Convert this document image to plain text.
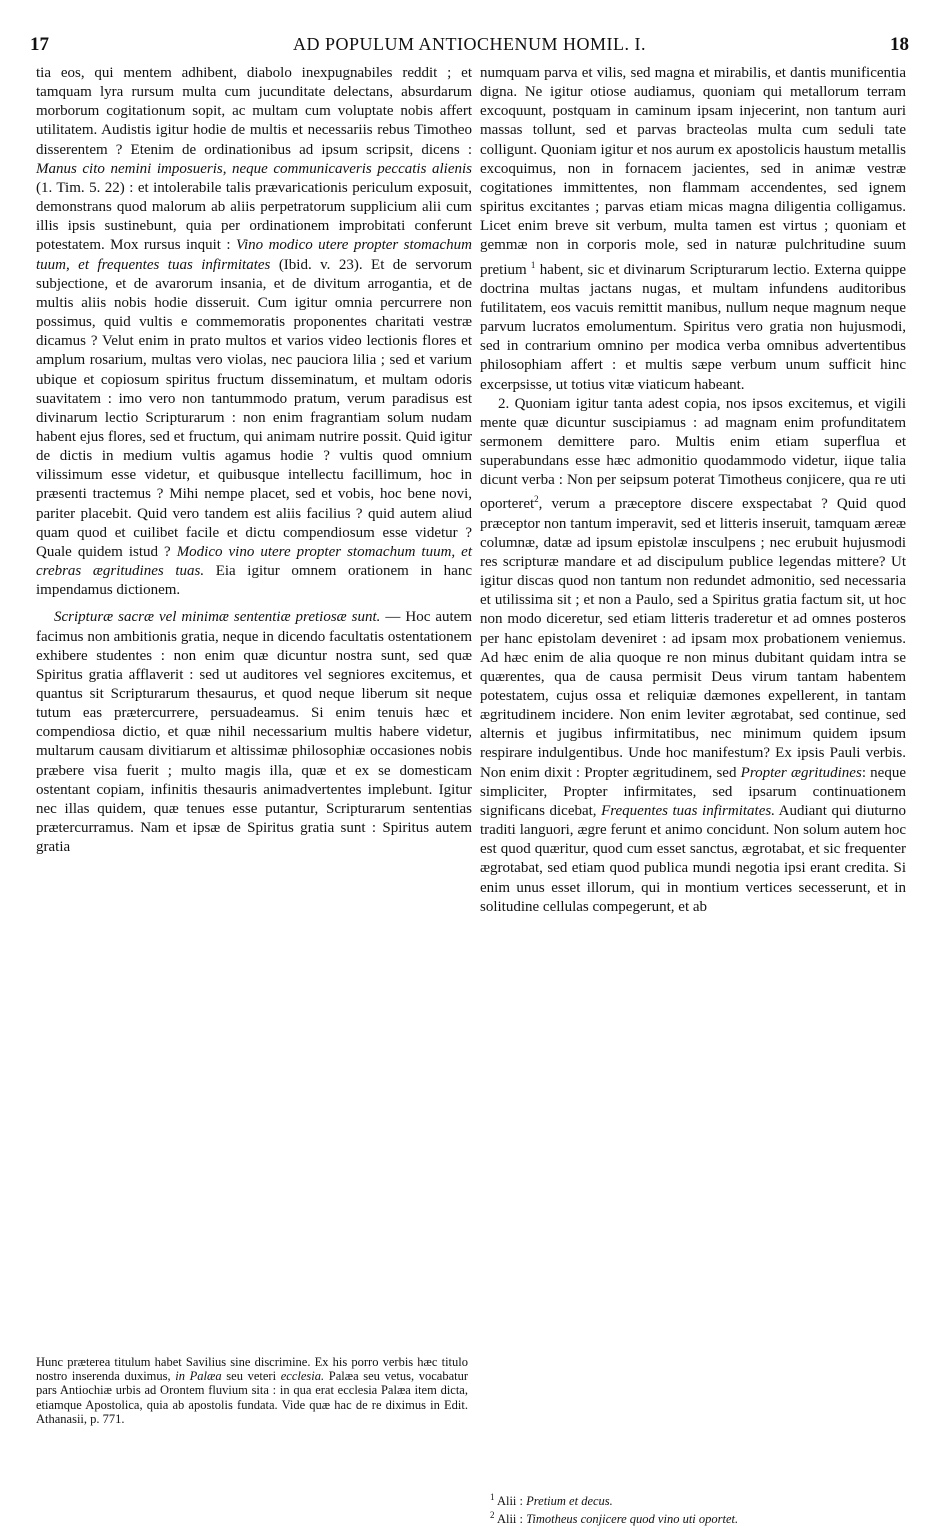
17	AD POPULUM ANTIOCHENUM HOMIL. I.	18

tia eos, qui mentem adhibent, diabolo inexpugnabiles reddit ; et tamquam lyra rursum multa cum jucunditate delectans, absurdarum morborum cogitationum sopit, ac multam cum voluptate nobis affert utilitatem. Audistis igitur hodie de multis et necessariis rebus Timotheo disserentem ? Etenim de ordinationibus ad ipsum scripsit, dicens : Manus cito nemini imposueris, neque communicaveris peccatis alienis (1. Tim. 5. 22) : et intolerabile talis prævaricationis periculum exposuit, demonstrans quod malorum ab aliis perpetratorum supplicium alii cum illis ipsis sustinebunt, quia per ordinationem improbitati conferunt potestatem. Mox rursus inquit : Vino modico utere propter stomachum tuum, et frequentes tuas infirmitates (Ibid. v. 23). Et de servorum subjectione, et de avarorum insania, et de divitum arrogantia, et de multis aliis nobis hodie disseruit. Cum igitur omnia percurrere non possimus, quid vultis e commemoratis proponentes charitati vestræ dicamus ? Velut enim in prato multos et varios video lectionis flores et amplum rosarium, multas vero violas, nec pauciora lilia ; sed et varium ubique et copiosum spiritus fructum disseminatum, et multam odoris suavitatem : imo vero non tantummodo pratum, verum paradisus est divinarum lectio Scripturarum : non enim fragrantiam solum nudam habent ejus flores, sed et fructum, qui animam nutrire possit. Quid igitur de dictis in medium vultis agamus hodie ? vultis quod omnium vilissimum esse videtur, et quibusque intellectu facillimum, hoc in præsenti tractemus ? Mihi nempe placet, sed et vobis, hoc bene novi, pariter placebit. Quid vero tandem est aliis facilius ? quid autem aliud quam quod et cuilibet facile et dictu compendiosum esse videtur ? Quale quidem istud ? Modico vino utere propter stomachum tuum, et crebras ægritudines tuas. Eia igitur omnem orationem in hanc impendamus dictionem.

Scripturæ sacræ vel minimæ sententiæ pretiosæ sunt. — Hoc autem facimus non ambitionis gratia, neque in dicendo facultatis ostentationem exhibere studentes : non enim quæ dicuntur nostra sunt, sed quæ Spiritus gratia afflaverit : sed ut auditores vel segniores excitemus, et quantus sit Scripturarum thesaurus, et quod neque liberum sit neque tutum eas prætercurrere, persuadeamus. Si enim tenuis hæc et compendiosa dictio, et quæ nihil necessarium multis habere videtur, multarum causam divitiarum et altissimæ philosophiæ occasiones nobis præbere visa fuerit ; multo magis illa, quæ et ex se domesticam ostentant copiam, infinitis thesauris animadvertentes implebunt. Igitur nec illas quidem, quæ tenues esse putantur, Scripturarum sententias prætercurramus. Nam et ipsæ de Spiritus gratia sunt : Spiritus autem gratia

numquam parva et vilis, sed magna et mirabilis, et dantis munificentia digna. Ne igitur otiose audiamus, quoniam qui metallorum terram excoquunt, postquam in caminum ipsam injecerint, non tantum auri massas tollunt, sed et parvas bracteolas multa cum seduli tate colligunt. Quoniam igitur et nos aurum ex apostolicis haustum metallis excoquimus, non in fornacem jacientes, sed in animæ vestræ cogitationes immittentes, non flammam accendentes, sed ignem spiritus excitantes ; parvas etiam micas magna diligentia colligamus. Licet enim breve sit verbum, multa tamen est virtus ; quoniam et gemmæ non in corporis mole, sed in naturæ pulchritudine suum pretium $^1$ habent, sic et divinarum Scripturarum lectio. Externa quippe doctrina multas jactans nugas, et multam infundens auditoribus futilitatem, eos vacuis remittit manibus, nullum neque magnum neque parvum lucratos emolumentum. Spiritus vero gratia non hujusmodi, sed in contrarium omnino per modica verba omnibus advertentibus philosophiam affert : et multis sæpe verbum unum sufficit hinc excerpsisse, ut totius vitæ viaticum habeant.

2. Quoniam igitur tanta adest copia, nos ipsos excitemus, et vigili mente quæ dicuntur suscipiamus : ad magnam enim profunditatem sermonem demittere paro. Multis enim etiam superflua et superabundans esse hæc admonitio quodammodo videtur, iique talia dicunt verba : Non per seipsum poterat Timotheus conjicere, qua re uti oporteret$^2$, verum a præceptore discere exspectabat ? Quid quod præceptor non tantum imperavit, sed et litteris inseruit, tamquam æreæ columnæ, datæ ad ipsum epistolæ insculpens ; nec erubuit hujusmodi res scripturæ mandare et ad discipulum publice legendas mittere? Ut igitur discas quod non tantum non redundet admonitio, sed necessaria et utilissima sit ; et non a Paulo, sed a Spiritus gratia factum sit, ut hoc non modo diceretur, sed etiam litteris traderetur et ad omnes posteros per hanc epistolam deveniret : ad ipsam mox probationem veniemus. Ad hæc enim de alia quoque re non minus dubitant quidam intra se quærentes, qua de causa permisit Deus virum tantam habentem potestatem, cujus ossa et reliquiæ dæmones expellerent, in tantam ægritudinem incidere. Non enim leviter ægrotabat, sed continue, sed alternis et jugibus infirmitatibus, nec minimum quidem ipsum respirare indulgentibus. Unde hoc manifestum? Ex ipsis Pauli verbis. Non enim dixit : Propter ægritudinem, sed Propter ægritudines: neque simpliciter, Propter infirmitates, sed ipsarum continuationem significans dicebat, Frequentes tuas infirmitates. Audiant qui diuturno traditi languori, ægre ferunt et animo concidunt. Non solum autem hoc est quod quæritur, quod cum esset sanctus, ægrotabat, et sic frequenter ægrotabat, sed etiam quod publica mundi negotia ipsi erant credita. Si enim unus esset illorum, qui in montium vertices secesserunt, et in solitudine cellulas compegerunt, et ab

Hunc præterea titulum habet Savilius sine discrimine. Ex his porro verbis hæc titulo nostro inserenda duximus, in Palæa seu veteri ecclesia. Palæa seu vetus, vocabatur pars Antiochiæ urbis ad Orontem fluvium sita : in qua erat ecclesia Palæa item dicta, etiamque Apostolica, quia ab apostolis fundata. Vide quæ hac de re diximus in Edit. Athanasii, p. 771.

$^1$ Alii : Pretium et decus.
$^2$ Alii : Timotheus conjicere quod vino uti oportet.
